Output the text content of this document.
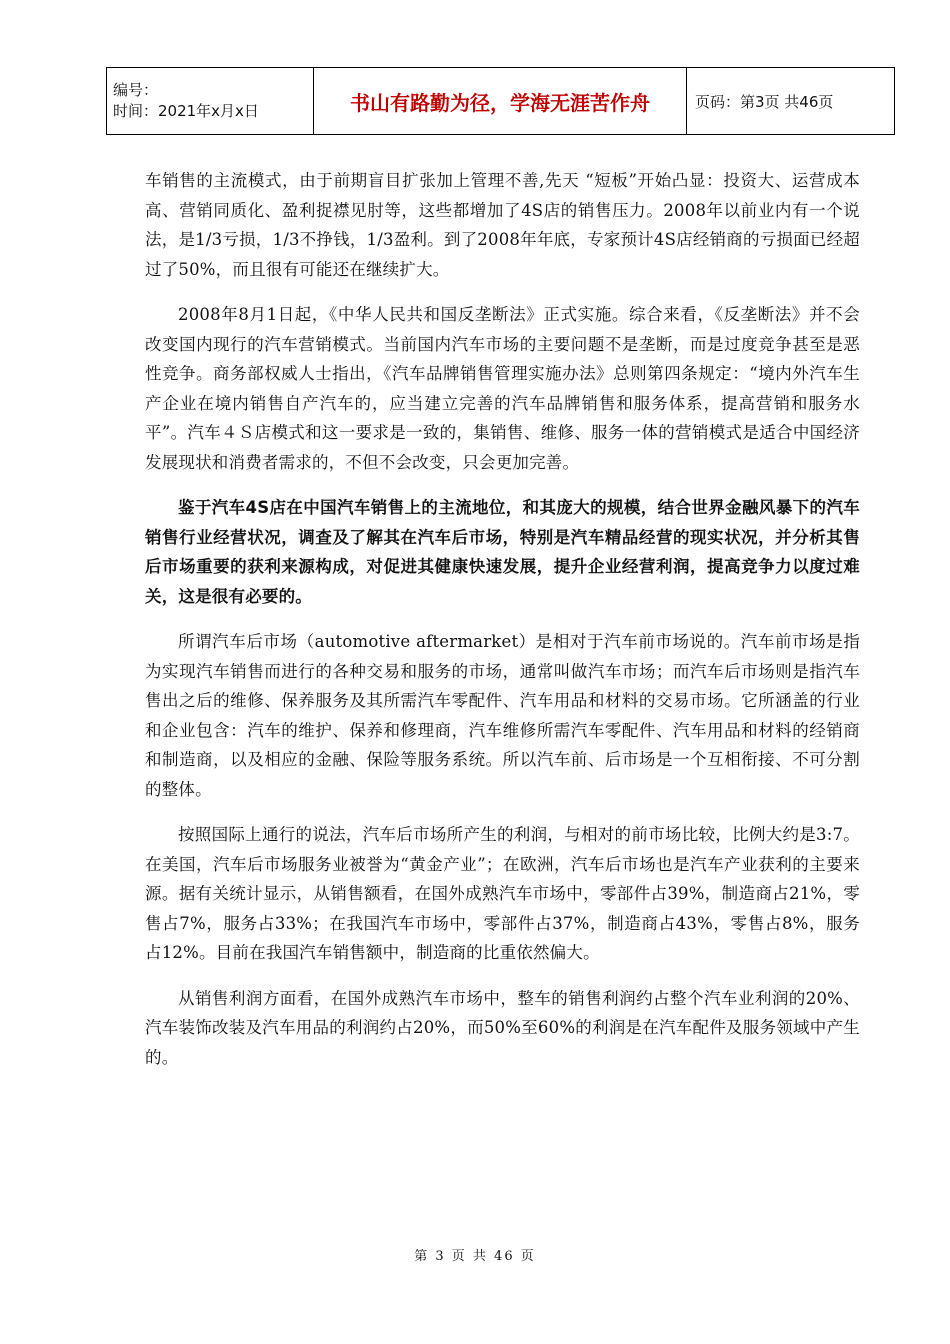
编号：
时间：2021年x月x日	书山有路勤为径，学海无涯苦作舟	页码：第3页 共46页

车销售的主流模式，由于前期盲目扩张加上管理不善,先天 “短板”开始凸显：投资大、运营成本高、营销同质化、盈利捉襟见肘等，这些都增加了4S店的销售压力。2008年以前业内有一个说法，是1/3亏损，1/3不挣钱，1/3盈利。到了2008年年底，专家预计4S店经销商的亏损面已经超过了50%，而且很有可能还在继续扩大。

2008年8月1日起，《中华人民共和国反垄断法》正式实施。综合来看，《反垄断法》并不会改变国内现行的汽车营销模式。当前国内汽车市场的主要问题不是垄断，而是过度竞争甚至是恶性竞争。商务部权威人士指出，《汽车品牌销售管理实施办法》总则第四条规定：“境内外汽车生产企业在境内销售自产汽车的，应当建立完善的汽车品牌销售和服务体系，提高营销和服务水平”。汽车４Ｓ店模式和这一要求是一致的，集销售、维修、服务一体的营销模式是适合中国经济发展现状和消费者需求的，不但不会改变，只会更加完善。

鉴于汽车4S店在中国汽车销售上的主流地位，和其庞大的规模，结合世界金融风暴下的汽车销售行业经营状况，调查及了解其在汽车后市场，特别是汽车精品经营的现实状况，并分析其售后市场重要的获利来源构成，对促进其健康快速发展，提升企业经营利润，提高竞争力以度过难关，这是很有必要的。

所谓汽车后市场（automotive aftermarket）是相对于汽车前市场说的。汽车前市场是指为实现汽车销售而进行的各种交易和服务的市场，通常叫做汽车市场；而汽车后市场则是指汽车售出之后的维修、保养服务及其所需汽车零配件、汽车用品和材料的交易市场。它所涵盖的行业和企业包含：汽车的维护、保养和修理商，汽车维修所需汽车零配件、汽车用品和材料的经销商和制造商，以及相应的金融、保险等服务系统。所以汽车前、后市场是一个互相衔接、不可分割的整体。

按照国际上通行的说法，汽车后市场所产生的利润，与相对的前市场比较，比例大约是3:7。在美国，汽车后市场服务业被誉为“黄金产业”；在欧洲，汽车后市场也是汽车产业获利的主要来源。据有关统计显示，从销售额看，在国外成熟汽车市场中，零部件占39%，制造商占21%，零售占7%，服务占33%；在我国汽车市场中，零部件占37%，制造商占43%，零售占8%，服务占12%。目前在我国汽车销售额中，制造商的比重依然偏大。

从销售利润方面看，在国外成熟汽车市场中，整车的销售利润约占整个汽车业利润的20%、汽车装饰改装及汽车用品的利润约占20%，而50%至60%的利润是在汽车配件及服务领域中产生的。

第 3 页 共 46 页
